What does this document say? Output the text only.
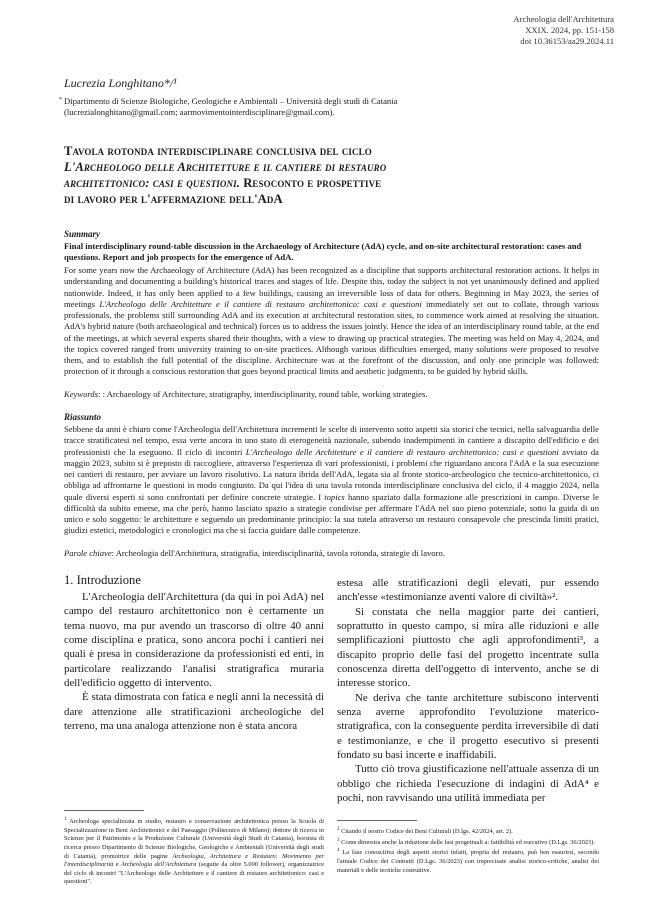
Archeologia dell'Architettura
XXIX. 2024, pp. 151-158
doi 10.36153/aa29.2024.11
Lucrezia Longhitano*/¹
* Dipartimento di Scienze Biologiche, Geologiche e Ambientali – Università degli studi di Catania
(lucrezialonghitano@gmail.com; aarmovimentointerdisciplinare@gmail.com).
Tavola rotonda interdisciplinare conclusiva del ciclo
L'Archeologo delle Architetture e il cantiere di restauro
architettonico: casi e questioni. Resoconto e prospettive
di lavoro per l'affermazione dell'AdA
Summary
Final interdisciplinary round-table discussion in the Archaeology of Architecture (AdA) cycle, and on-site architectural restoration: cases and questions. Report and job prospects for the emergence of AdA.
For some years now the Archaeology of Architecture (AdA) has been recognized as a discipline that supports architectural restoration actions. It helps in understanding and documenting a building's historical traces and stages of life. Despite this, today the subject is not yet unanimously defined and applied nationwide. Indeed, it has only been applied to a few buildings, causing an irreversible loss of data for others. Beginning in May 2023, the series of meetings L'Archeologo delle Architetture e il cantiere di restauro architettonico: casi e questioni immediately set out to collate, through various professionals, the problems still surrounding AdA and its execution at architectural restoration sites, to commence work aimed at resolving the situation. AdA's hybrid nature (both archaeological and technical) forces us to address the issues jointly. Hence the idea of an interdisciplinary round table, at the end of the meetings, at which several experts shared their thoughts, with a view to drawing up practical strategies. The meeting was held on May 4, 2024, and the topics covered ranged from university training to on-site practices. Although various difficulties emerged, many solutions were proposed to resolve them, and to establish the full potential of the discipline. Architecture was at the forefront of the discussion, and only one principle was followed: protection of it through a conscious restoration that goes beyond practical limits and aesthetic judgments, to be guided by hybrid skills.
Keywords: : Archaeology of Architecture, stratigraphy, interdisciplinarity, round table, working strategies.
Riassunto
Sebbene da anni è chiaro come l'Archeologia dell'Architettura incrementi le scelte di intervento sotto aspetti sia storici che tecnici, nella salvaguardia delle tracce stratificatesi nel tempo, essa verte ancora in uno stato di eterogeneità nazionale, subendo inadempimenti in cantiere a discapito dell'edificio e dei professionisti che la eseguono. Il ciclo di incontri L'Archeologo delle Architetture e il cantiere di restauro architettonico: casi e questioni avviato da maggio 2023, subito si è preposto di raccogliere, attraverso l'esperienza di vari professionisti, i problemi che riguardano ancora l'AdA e la sua esecuzione nei cantieri di restauro, per avviare un lavoro risolutivo. La natura ibrida dell'AdA, legata sia al fronte storico-archeologico che tecnico-architettonico, ci obbliga ad affrontarne le questioni in modo congiunto. Da qui l'idea di una tavola rotonda interdisciplinare conclusiva del ciclo, il 4 maggio 2024, nella quale diversi esperti si sono confrontati per definire concrete strategie. I topics hanno spaziato dalla formazione alle prescrizioni in campo. Diverse le difficoltà da subito emerse, ma che però, hanno lasciato spazio a strategie condivise per affermare l'AdA nel suo pieno potenziale, sotto la guida di un unico e solo soggetto: le architetture e seguendo un predominante principio: la sua tutela attraverso un restauro consapevole che prescinda limiti pratici, giudizi estetici, metodologici e cronologici ma che si faccia guidare dalle competenze.
Parole chiave: Archeologia dell'Architettura, stratigrafia, interdisciplinarità, tavola rotonda, strategie di lavoro.
1. Introduzione

L'Archeologia dell'Architettura (da qui in poi AdA) nel campo del restauro architettonico non è certamente un tema nuovo, ma pur avendo un trascorso di oltre 40 anni come disciplina e pratica, sono ancora pochi i cantieri nei quali è presa in considerazione da professionisti ed enti, in particolare realizzando l'analisi stratigrafica muraria dell'edificio oggetto di intervento.

È stata dimostrata con fatica e negli anni la necessità di dare attenzione alle stratificazioni archeologiche del terreno, ma una analoga attenzione non è stata ancora

estesa alle stratificazioni degli elevati, pur essendo anch'esse «testimonianze aventi valore di civiltà»².

Si constata che nella maggior parte dei cantieri, soprattutto in questo campo, si mira alle riduzioni e alle semplificazioni piuttosto che agli approfondimenti³, a discapito proprio delle fasi del progetto incentrate sulla conoscenza diretta dell'oggetto di intervento, anche se di interesse storico.

Ne deriva che tante architetture subiscono interventi senza averne approfondito l'evoluzione materico-stratigrafica, con la conseguente perdita irreversibile di dati e testimonianze, e che il progetto esecutivo si presenti fondato su basi incerte e inaffidabili.

Tutto ciò trova giustificazione nell'attuale assenza di un obbligo che richieda l'esecuzione di indagini di AdA⁴ e pochi, non ravvisando una utilità immediata per

$^1$ Archeologa specializzata in studio, restauro e conservazione architettonica presso la Scuola di Specializzazione in Beni Architettonici e del Paesaggio (Politecnico di Milano); dottore di ricerca in Scienze per il Patrimonio e la Produzione Culturale (Università degli Studi di Catania), borsista di ricerca presso Dipartimento di Scienze Biologiche, Geologiche e Ambientali (Università degli studi di Catania), promotrice delle pagine Archeologia, Architettura e Restauro: Movimento per l'interdisciplinarità e Archeologia dell'Architettura (seguite da oltre 5.000 follower), organizzatrice del ciclo di incontri "L'Archeologo delle Architetture e il cantiere di restauro architettonico: casi e questioni".
$^2$ Citando il nostro Codice dei Beni Culturali (D.lgs. 42/2024, art. 2).
$^3$ Come dimostra anche la riduzione delle fasi progettuali a: fattibilità ed esecutivo (D.Lgs. 36/2023).
$^4$ La fase conoscitiva degli aspetti storici infatti, propria del restauro, può ben esaurirsi, secondo l'attuale Codice dei Contratti (D.Lgs. 36/2023) con imprecisate analisi storico-critiche, analisi dei materiali e delle tecniche costruttive.
